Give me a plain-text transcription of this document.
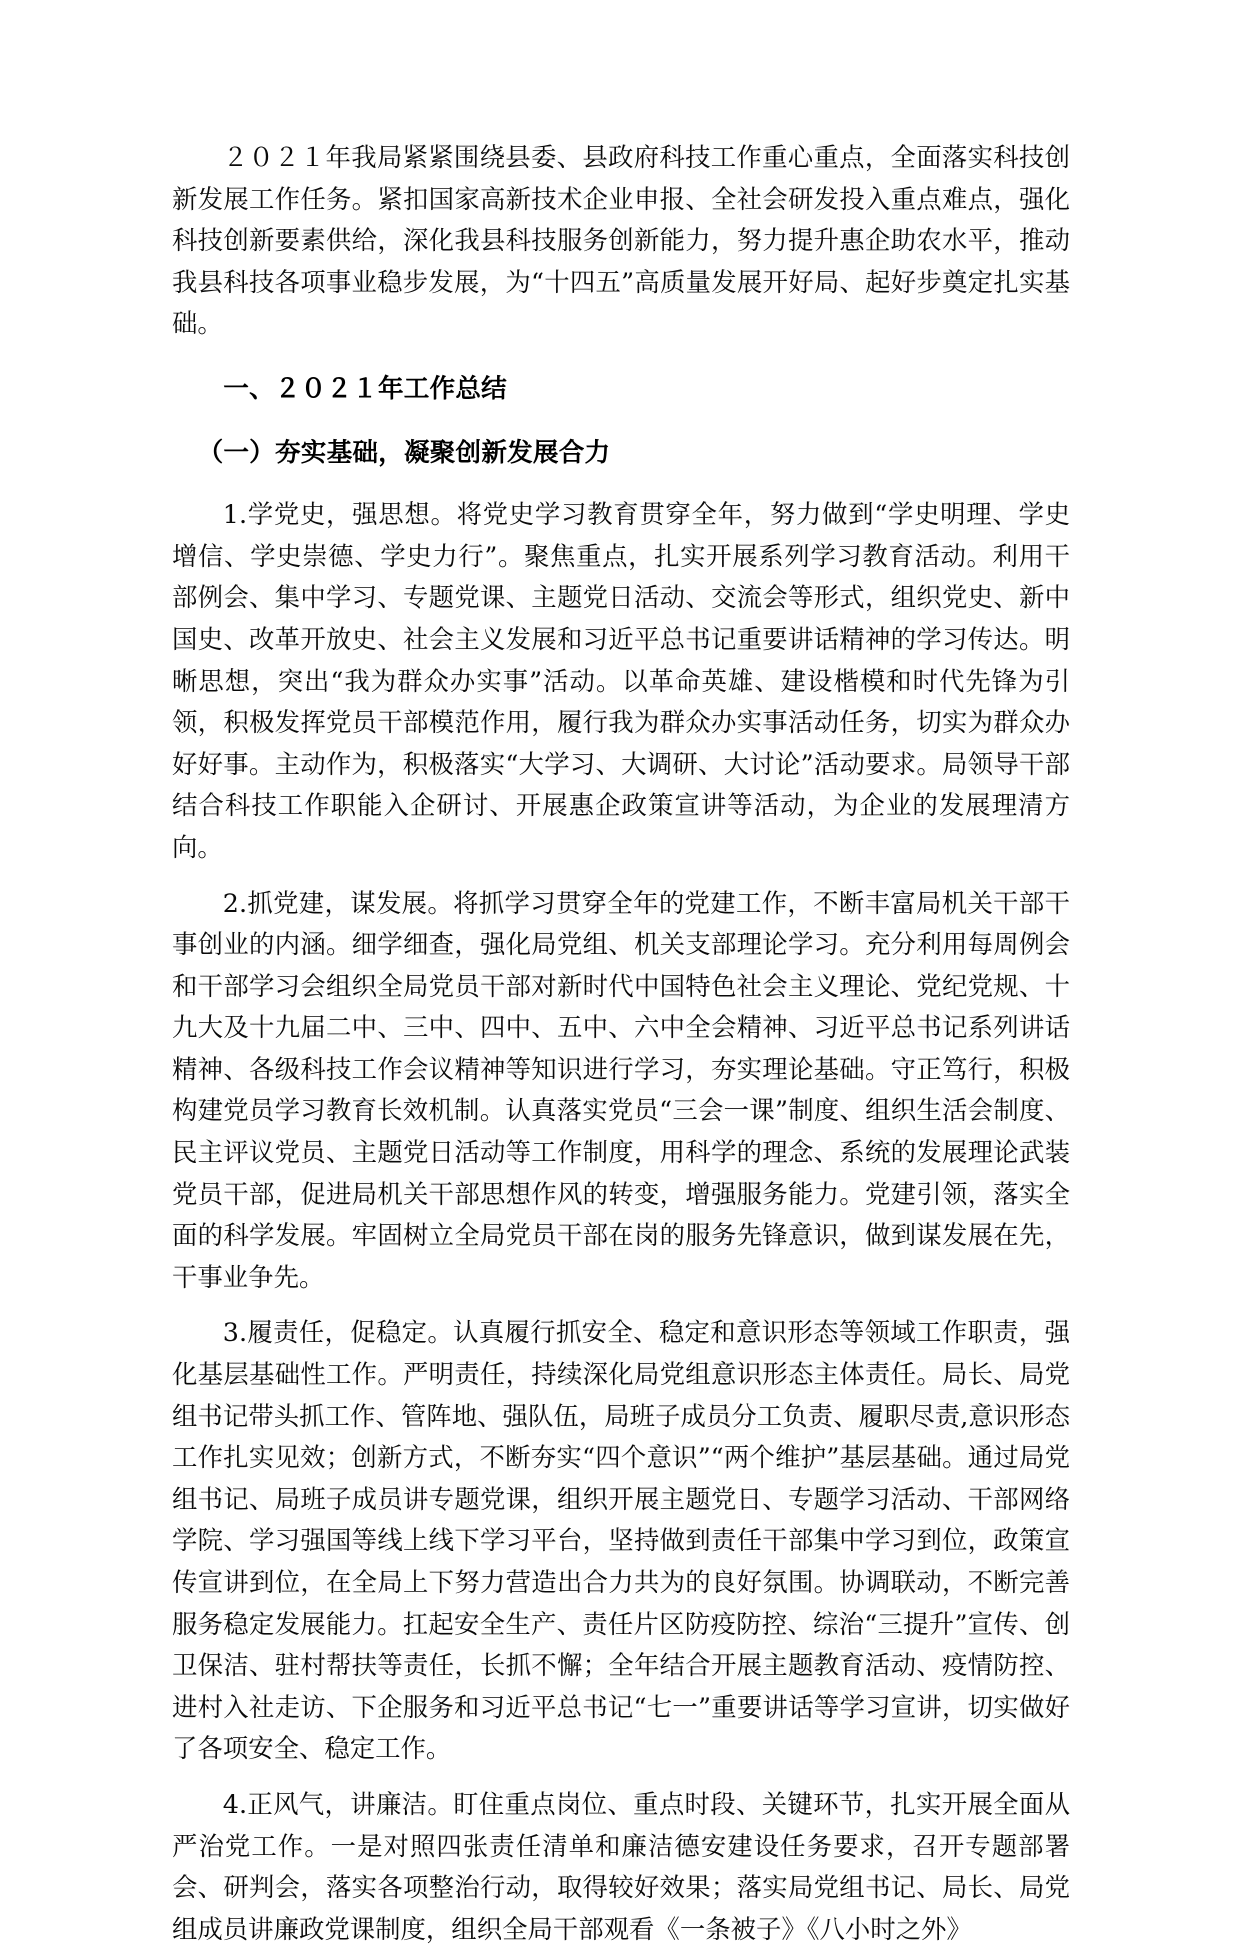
２０２１年我局紧紧围绕县委、县政府科技工作重心重点，全面落实科技创新发展工作任务。紧扣国家高新技术企业申报、全社会研发投入重点难点，强化科技创新要素供给，深化我县科技服务创新能力，努力提升惠企助农水平，推动我县科技各项事业稳步发展，为“十四五”高质量发展开好局、起好步奠定扎实基础。

一、２０２１年工作总结
（一）夯实基础，凝聚创新发展合力

1.学党史，强思想。将党史学习教育贯穿全年，努力做到“学史明理、学史增信、学史崇德、学史力行”。聚焦重点，扎实开展系列学习教育活动。利用干部例会、集中学习、专题党课、主题党日活动、交流会等形式，组织党史、新中国史、改革开放史、社会主义发展和习近平总书记重要讲话精神的学习传达。明晰思想，突出“我为群众办实事”活动。以革命英雄、建设楷模和时代先锋为引领，积极发挥党员干部模范作用，履行我为群众办实事活动任务，切实为群众办好好事。主动作为，积极落实“大学习、大调研、大讨论”活动要求。局领导干部结合科技工作职能入企研讨、开展惠企政策宣讲等活动，为企业的发展理清方向。

2.抓党建，谋发展。将抓学习贯穿全年的党建工作，不断丰富局机关干部干事创业的内涵。细学细查，强化局党组、机关支部理论学习。充分利用每周例会和干部学习会组织全局党员干部对新时代中国特色社会主义理论、党纪党规、十九大及十九届二中、三中、四中、五中、六中全会精神、习近平总书记系列讲话精神、各级科技工作会议精神等知识进行学习，夯实理论基础。守正笃行，积极构建党员学习教育长效机制。认真落实党员“三会一课”制度、组织生活会制度、民主评议党员、主题党日活动等工作制度，用科学的理念、系统的发展理论武装党员干部，促进局机关干部思想作风的转变，增强服务能力。党建引领，落实全面的科学发展。牢固树立全局党员干部在岗的服务先锋意识，做到谋发展在先，干事业争先。

3.履责任，促稳定。认真履行抓安全、稳定和意识形态等领域工作职责，强化基层基础性工作。严明责任，持续深化局党组意识形态主体责任。局长、局党组书记带头抓工作、管阵地、强队伍，局班子成员分工负责、履职尽责,意识形态工作扎实见效；创新方式，不断夯实“四个意识”“两个维护”基层基础。通过局党组书记、局班子成员讲专题党课，组织开展主题党日、专题学习活动、干部网络学院、学习强国等线上线下学习平台，坚持做到责任干部集中学习到位，政策宣传宣讲到位，在全局上下努力营造出合力共为的良好氛围。协调联动，不断完善服务稳定发展能力。扛起安全生产、责任片区防疫防控、综治“三提升”宣传、创卫保洁、驻村帮扶等责任，长抓不懈；全年结合开展主题教育活动、疫情防控、进村入社走访、下企服务和习近平总书记“七一”重要讲话等学习宣讲，切实做好了各项安全、稳定工作。

4.正风气，讲廉洁。盯住重点岗位、重点时段、关键环节，扎实开展全面从严治党工作。一是对照四张责任清单和廉洁德安建设任务要求，召开专题部署会、研判会，落实各项整治行动，取得较好效果；落实局党组书记、局长、局党组成员讲廉政党课制度，组织全局干部观看《一条被子》《八小时之外》
